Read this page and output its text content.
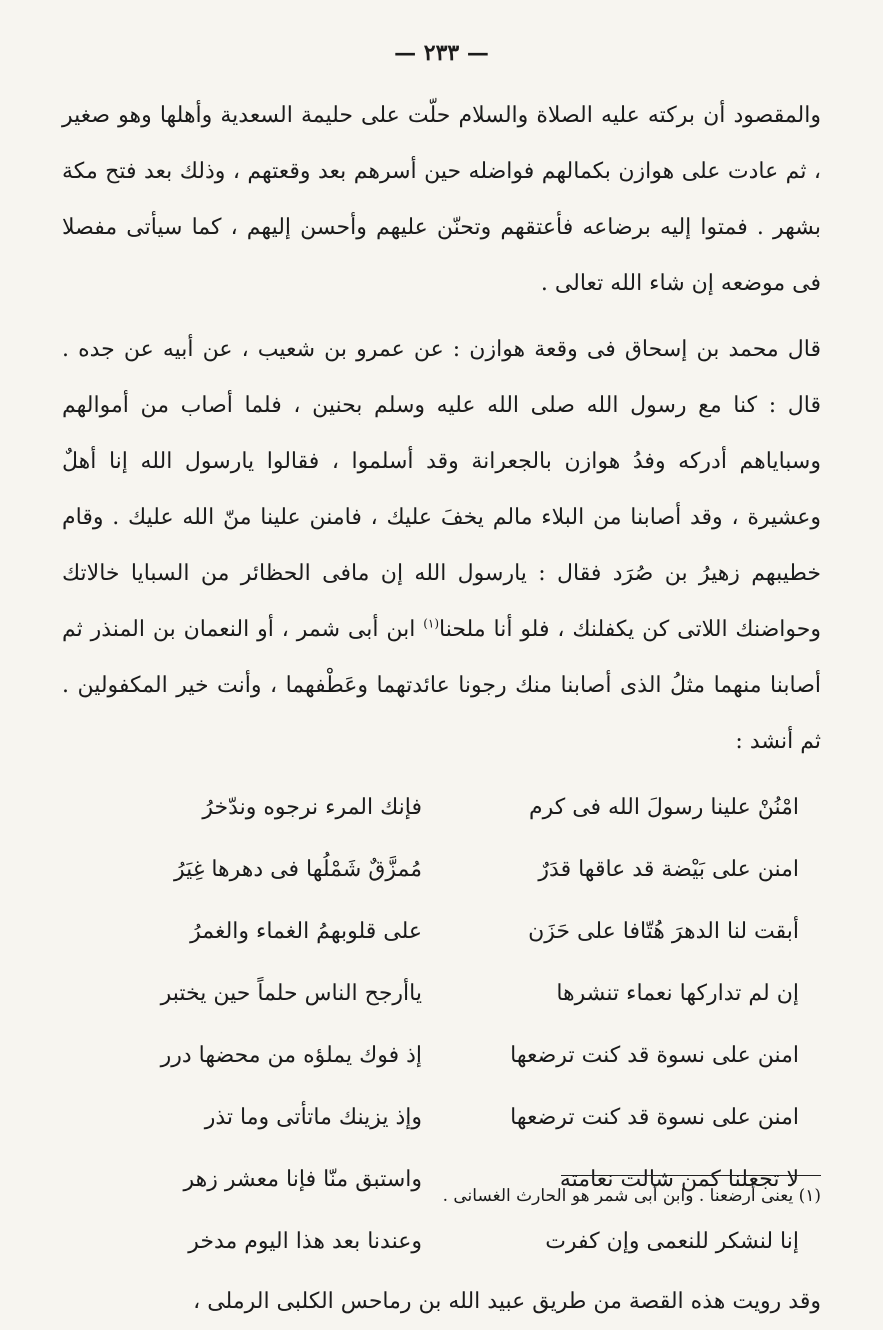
— ٢٣٣ —

والمقصود أن بركته عليه الصلاة والسلام حلّت على حليمة السعدية وأهلها وهو صغير ، ثم عادت على هوازن بكمالهم فواضله حين أسرهم بعد وقعتهم ، وذلك بعد فتح مكة بشهر . فمتوا إليه برضاعه فأعتقهم وتحنّن عليهم وأحسن إليهم ، كما سيأتى مفصلا فى موضعه إن شاء الله تعالى .

قال محمد بن إسحاق فى وقعة هوازن : عن عمرو بن شعيب ، عن أبيه عن جده . قال : كنا مع رسول الله صلى الله عليه وسلم بحنين ، فلما أصاب من أموالهم وسباياهم أدركه وفدُ هوازن بالجعرانة وقد أسلموا ، فقالوا يارسول الله إنا أهلٌ وعشيرة ، وقد أصابنا من البلاء مالم يخفَ عليك ، فامنن علينا منّ الله عليك . وقام خطيبهم زهيرُ بن صُرَد فقال : يارسول الله إن مافى الحظائر من السبايا خالاتك وحواضنك اللاتى كن يكفلنك ، فلو أنا ملحنا$^{(١)}$ ابن أبى شمر ، أو النعمان بن المنذر ثم أصابنا منهما مثلُ الذى أصابنا منك رجونا عائدتهما وعَطْفهما ، وأنت خير المكفولين . ثم أنشد :

امْنُنْ علينا رسولَ الله فى كرم
فإنك المرء نرجوه وندّخرُ
امنن على بَيْضة قد عاقها قدَرٌ
مُمزَّقٌ شَمْلُها فى دهرها غِيَرُ
أبقت لنا الدهرَ هُتّافا على حَزَن
على قلوبهمُ الغماء والغمرُ
إن لم تداركها نعماء تنشرها
ياأرجح الناس حلماً حين يختبر
امنن على نسوة قد كنت ترضعها
إذ فوك يملؤه من محضها درر
امنن على نسوة قد كنت ترضعها
وإذ يزينك ماتأتى وما تذر
لا تجعلنا كمن شالت نعامته
واستبق منّا فإنا معشر زهر
إنا لنشكر للنعمى وإن كفرت
وعندنا بعد هذا اليوم مدخر

وقد رويت هذه القصة من طريق عبيد الله بن رماحس الكلبى الرملى ،

(١) يعنى أرضعنا . وابن أبى شمر هو الحارث الغسانى .
